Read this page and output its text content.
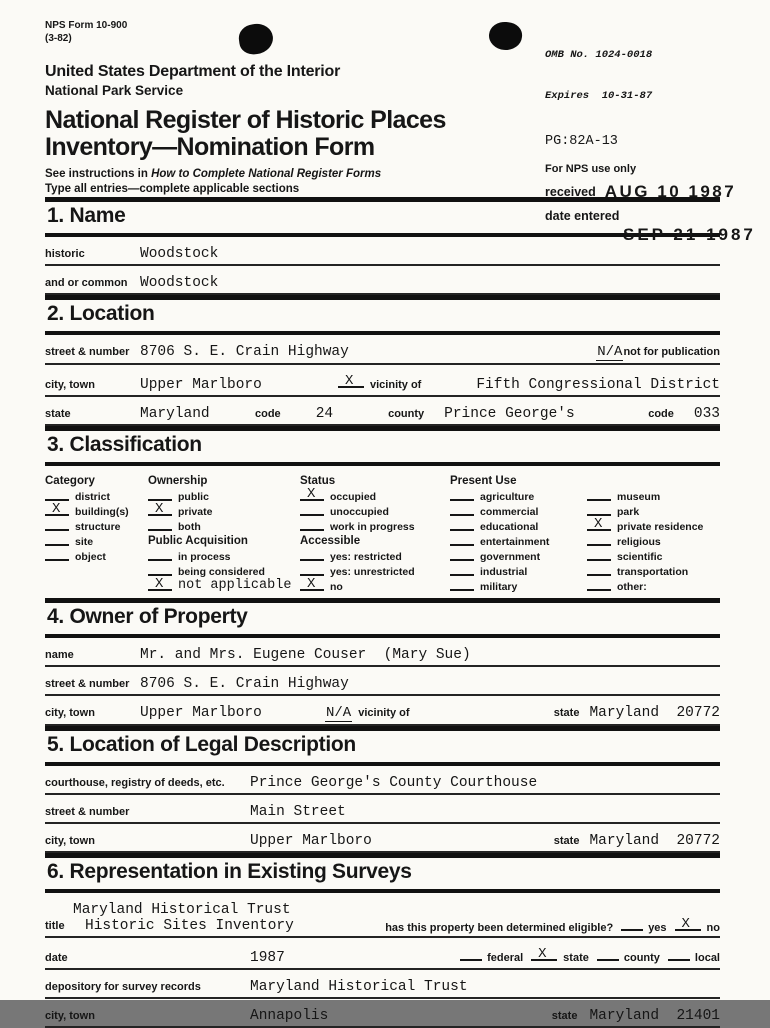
NPS Form 10-900
(3-82)
United States Department of the Interior
National Park Service
National Register of Historic Places
Inventory—Nomination Form
See instructions in How to Complete National Register Forms
Type all entries—complete applicable sections

OMB No. 1024-0018

Expires  10-31-87

PG:82A-13
For NPS use only
received AUG 10 1987
date entered
SEP 21 1987
1. Name
historic	Woodstock
and or common Woodstock
2. Location
street & number 8706 S. E. Crain Highway	N/A not for publication
city, town	Upper Marlboro	X vicinity of	Fifth Congressional District
state	Maryland	code 24	county Prince George's	code 033
3. Classification
Category
district
X building(s)
structure
site
object
Ownership
public
X private
both
Public Acquisition
in process
being considered
X not applicable
Status
X occupied
unoccupied
work in progress
Accessible
yes: restricted
yes: unrestricted
X no
Present Use
agriculture
commercial
educational
entertainment
government
industrial
military
museum
park
X private residence
religious
scientific
transportation
other:
4. Owner of Property
name	Mr. and Mrs. Eugene Couser  (Mary Sue)
street & number 8706 S. E. Crain Highway
city, town	Upper Marlboro	N/A vicinity of	state Maryland  20772
5. Location of Legal Description
courthouse, registry of deeds, etc.	Prince George's County Courthouse
street & number	Main Street
city, town	Upper Marlboro	state Maryland  20772
6. Representation in Existing Surveys
Maryland Historical Trust
title	Historic Sites Inventory	has this property been determined eligible?	yes X no
date	1987	federal X state	county	local
depository for survey records	Maryland Historical Trust
city, town	Annapolis	state Maryland  21401
